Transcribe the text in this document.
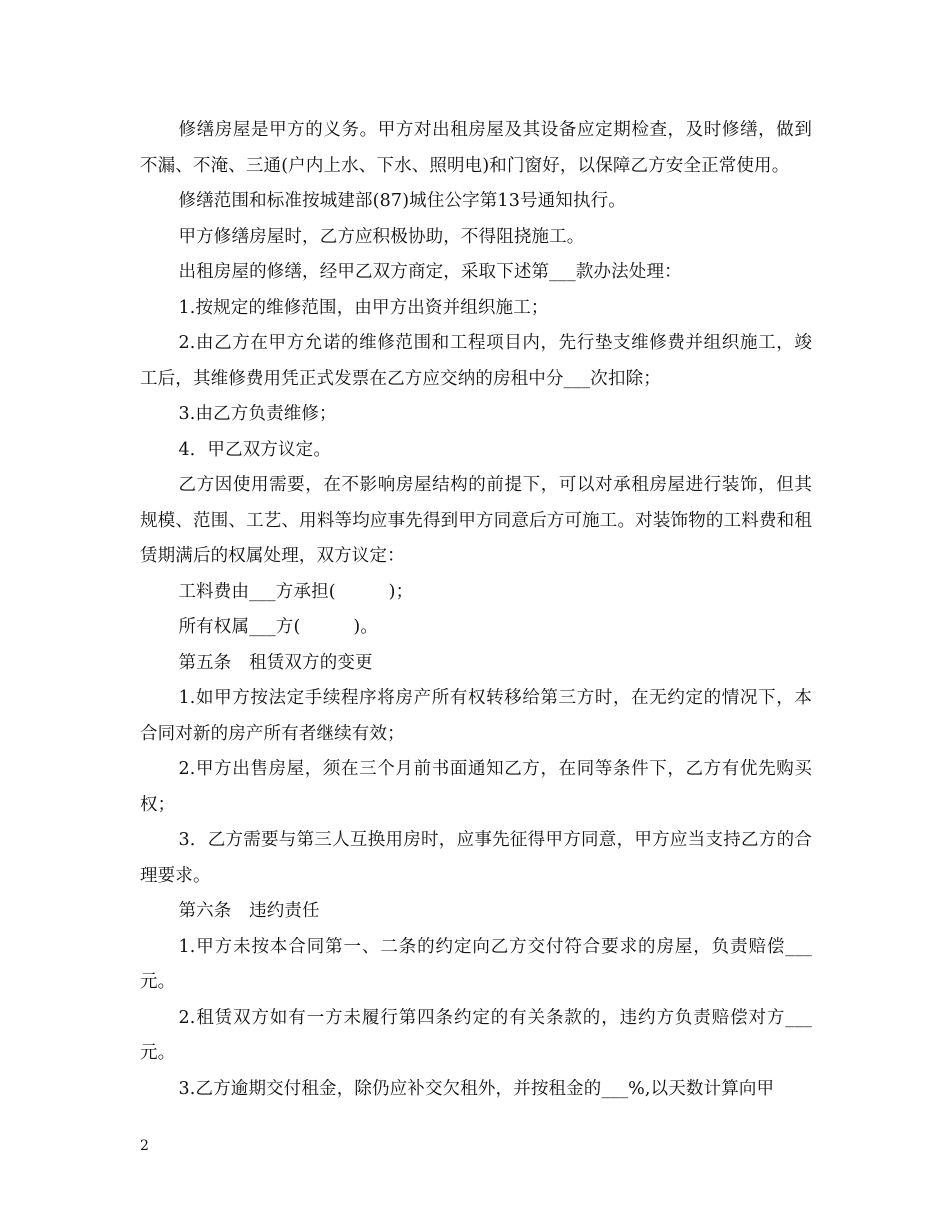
修缮房屋是甲方的义务。甲方对出租房屋及其设备应定期检查，及时修缮，做到不漏、不淹、三通(户内上水、下水、照明电)和门窗好，以保障乙方安全正常使用。

修缮范围和标准按城建部(87)城住公字第13号通知执行。

甲方修缮房屋时，乙方应积极协助，不得阻挠施工。

出租房屋的修缮，经甲乙双方商定，采取下述第___款办法处理：

1.按规定的维修范围，由甲方出资并组织施工；

2.由乙方在甲方允诺的维修范围和工程项目内，先行垫支维修费并组织施工，竣工后，其维修费用凭正式发票在乙方应交纳的房租中分___次扣除；

3.由乙方负责维修；

4．甲乙双方议定。

乙方因使用需要，在不影响房屋结构的前提下，可以对承租房屋进行装饰，但其规模、范围、工艺、用料等均应事先得到甲方同意后方可施工。对装饰物的工料费和租赁期满后的权属处理，双方议定：

工料费由___方承担(　　　)；

所有权属___方(　　　)。

第五条　租赁双方的变更

1.如甲方按法定手续程序将房产所有权转移给第三方时，在无约定的情况下，本合同对新的房产所有者继续有效；

2.甲方出售房屋，须在三个月前书面通知乙方，在同等条件下，乙方有优先购买权；

3．乙方需要与第三人互换用房时，应事先征得甲方同意，甲方应当支持乙方的合理要求。

第六条　违约责任

1.甲方未按本合同第一、二条的约定向乙方交付符合要求的房屋，负责赔偿___元。

2.租赁双方如有一方未履行第四条约定的有关条款的，违约方负责赔偿对方___元。

3.乙方逾期交付租金，除仍应补交欠租外，并按租金的___%,以天数计算向甲

2
